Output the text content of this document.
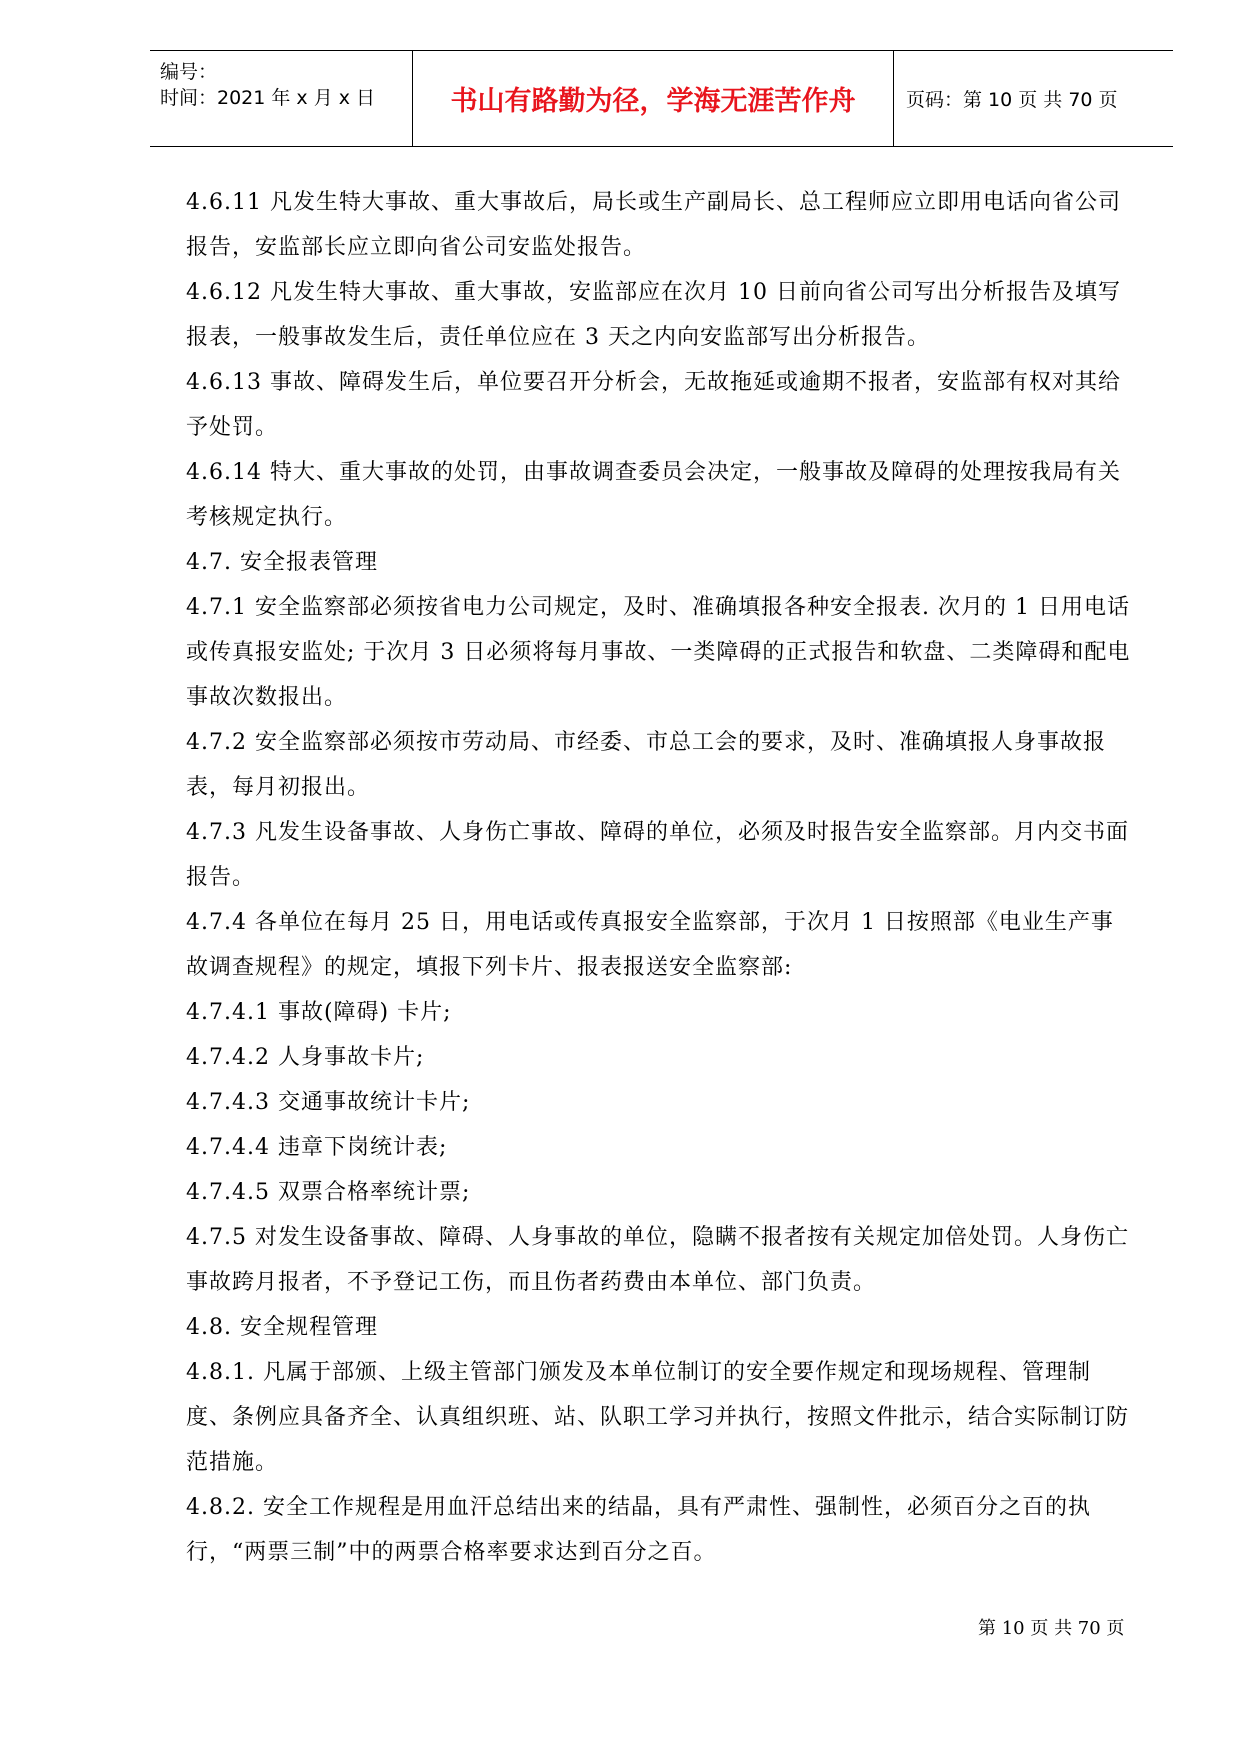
编号：
时间：2021 年 x 月 x 日	书山有路勤为径，学海无涯苦作舟	页码：第 10 页 共 70 页

4.6.11 凡发生特大事故、重大事故后，局长或生产副局长、总工程师应立即用电话向省公司报告，安监部长应立即向省公司安监处报告。

4.6.12 凡发生特大事故、重大事故，安监部应在次月 10 日前向省公司写出分析报告及填写报表，一般事故发生后，责任单位应在 3 天之内向安监部写出分析报告。

4.6.13 事故、障碍发生后，单位要召开分析会，无故拖延或逾期不报者，安监部有权对其给予处罚。

4.6.14 特大、重大事故的处罚，由事故调查委员会决定，一般事故及障碍的处理按我局有关考核规定执行。

4.7. 安全报表管理

4.7.1 安全监察部必须按省电力公司规定，及时、准确填报各种安全报表. 次月的 1 日用电话或传真报安监处; 于次月 3 日必须将每月事故、一类障碍的正式报告和软盘、二类障碍和配电事故次数报出。

4.7.2 安全监察部必须按市劳动局、市经委、市总工会的要求，及时、准确填报人身事故报表，每月初报出。

4.7.3 凡发生设备事故、人身伤亡事故、障碍的单位，必须及时报告安全监察部。月内交书面报告。

4.7.4 各单位在每月 25 日，用电话或传真报安全监察部，于次月 1 日按照部《电业生产事故调查规程》的规定，填报下列卡片、报表报送安全监察部:

4.7.4.1 事故(障碍) 卡片;

4.7.4.2 人身事故卡片;

4.7.4.3 交通事故统计卡片;

4.7.4.4 违章下岗统计表;

4.7.4.5 双票合格率统计票;

4.7.5 对发生设备事故、障碍、人身事故的单位，隐瞒不报者按有关规定加倍处罚。人身伤亡事故跨月报者，不予登记工伤，而且伤者药费由本单位、部门负责。

4.8. 安全规程管理

4.8.1. 凡属于部颁、上级主管部门颁发及本单位制订的安全要作规定和现场规程、管理制度、条例应具备齐全、认真组织班、站、队职工学习并执行，按照文件批示，结合实际制订防范措施。

4.8.2. 安全工作规程是用血汗总结出来的结晶，具有严肃性、强制性，必须百分之百的执行，“两票三制”中的两票合格率要求达到百分之百。

第 10 页 共 70 页
